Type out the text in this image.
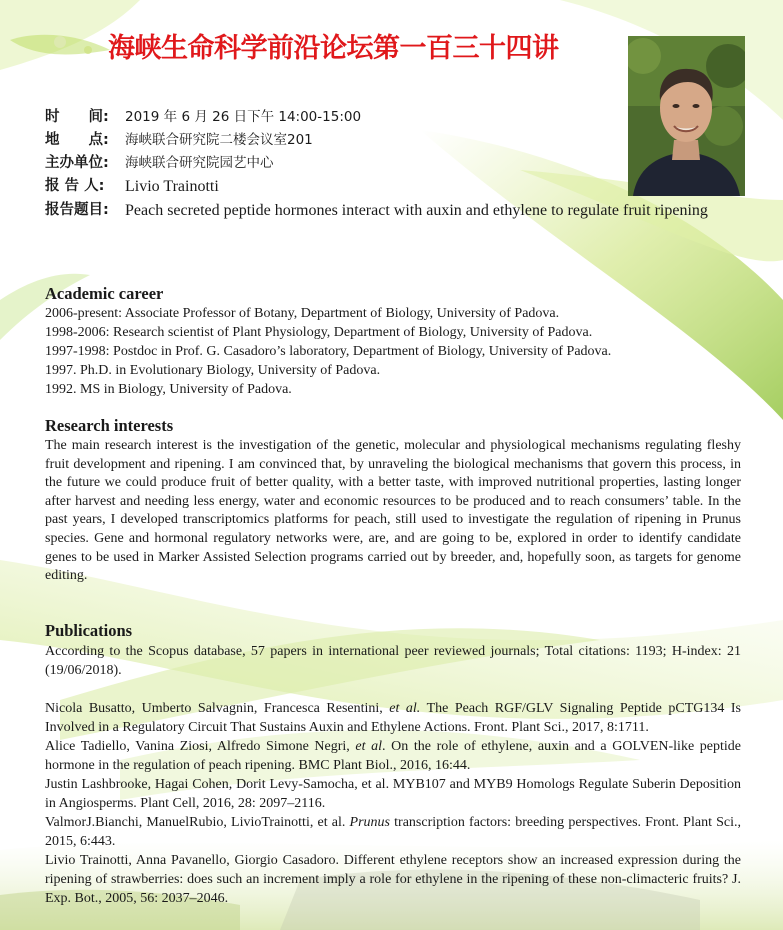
海峡生命科学前沿论坛第一百三十四讲
时　　间:	2019 年 6 月 26 日下午 14:00-15:00
地　　点:	海峡联合研究院二楼会议室201
主办单位:	海峡联合研究院园艺中心
报 告 人:	Livio Trainotti
报告题目:	Peach secreted peptide hormones interact with auxin and ethylene to regulate fruit ripening
Academic career
2006-present: Associate Professor of Botany, Department of Biology, University of Padova.
1998-2006: Research scientist of Plant Physiology, Department of Biology, University of Padova.
1997-1998: Postdoc in Prof. G. Casadoro’s laboratory, Department of Biology, University of Padova.
1997. Ph.D. in Evolutionary Biology, University of Padova.
1992. MS in Biology, University of Padova.
Research interests
The main research interest is the investigation of the genetic, molecular and physiological mechanisms regulating fleshy fruit development and ripening. I am convinced that, by unraveling the biological mechanisms that govern this process, in the future we could produce fruit of better quality, with a better taste, with improved nutritional properties, lasting longer after harvest and needing less energy, water and economic resources to be produced and to reach consumers’ table. In the past years, I developed transcriptomics platforms for peach, still used to investigate the regulation of ripening in Prunus species. Gene and hormonal regulatory networks were, are, and are going to be, explored in order to identify candidate genes to be used in Marker Assisted Selection programs carried out by breeder, and, hopefully soon, as targets for genome editing.
Publications
According to the Scopus database, 57 papers in international peer reviewed journals; Total citations: 1193; H-index: 21 (19/06/2018).
Nicola Busatto, Umberto Salvagnin, Francesca Resentini, et al. The Peach RGF/GLV Signaling Peptide pCTG134 Is Involved in a Regulatory Circuit That Sustains Auxin and Ethylene Actions. Front. Plant Sci., 2017, 8:1711.
Alice Tadiello, Vanina Ziosi, Alfredo Simone Negri, et al. On the role of ethylene, auxin and a GOLVEN-like peptide hormone in the regulation of peach ripening. BMC Plant Biol., 2016, 16:44.
Justin Lashbrooke, Hagai Cohen, Dorit Levy-Samocha, et al. MYB107 and MYB9 Homologs Regulate Suberin Deposition in Angiosperms. Plant Cell, 2016, 28: 2097–2116.
ValmorJ.Bianchi, ManuelRubio, LivioTrainotti, et al. Prunus transcription factors: breeding perspectives. Front. Plant Sci., 2015, 6:443.
Livio Trainotti, Anna Pavanello, Giorgio Casadoro. Different ethylene receptors show an increased expression during the ripening of strawberries: does such an increment imply a role for ethylene in the ripening of these non-climacteric fruits? J. Exp. Bot., 2005, 56: 2037–2046.
